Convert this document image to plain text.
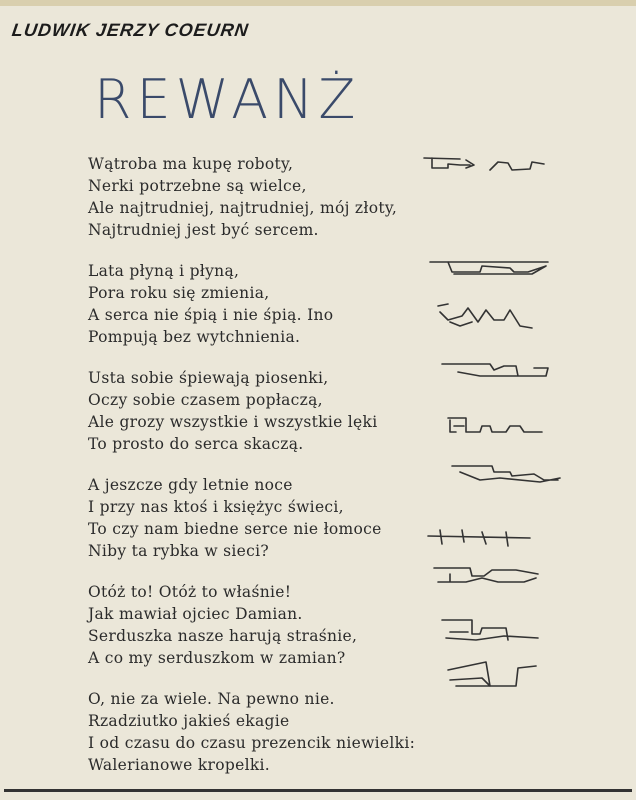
LUDWIK JERZY COEURN
REWANŻ
Wątroba ma kupę roboty,
Nerki potrzebne są wielce,
Ale najtrudniej, najtrudniej, mój złoty,
Najtrudniej jest być sercem.
Lata płyną i płyną,
Pora roku się zmienia,
A serca nie śpią i nie śpią. Ino
Pompują bez wytchnienia.
Usta sobie śpiewają piosenki,
Oczy sobie czasem popłaczą,
Ale grozy wszystkie i wszystkie lęki
To prosto do serca skaczą.
A jeszcze gdy letnie noce
I przy nas ktoś i księżyc świeci,
To czy nam biedne serce nie łomoce
Niby ta rybka w sieci?
Otóż to! Otóż to właśnie!
Jak mawiał ojciec Damian.
Serduszka nasze harują straśnie,
A co my serduszkom w zamian?
O, nie za wiele. Na pewno nie.
Rzadziutko jakieś ekagie
I od czasu do czasu prezencik niewielki:
Walerianowe kropelki.
